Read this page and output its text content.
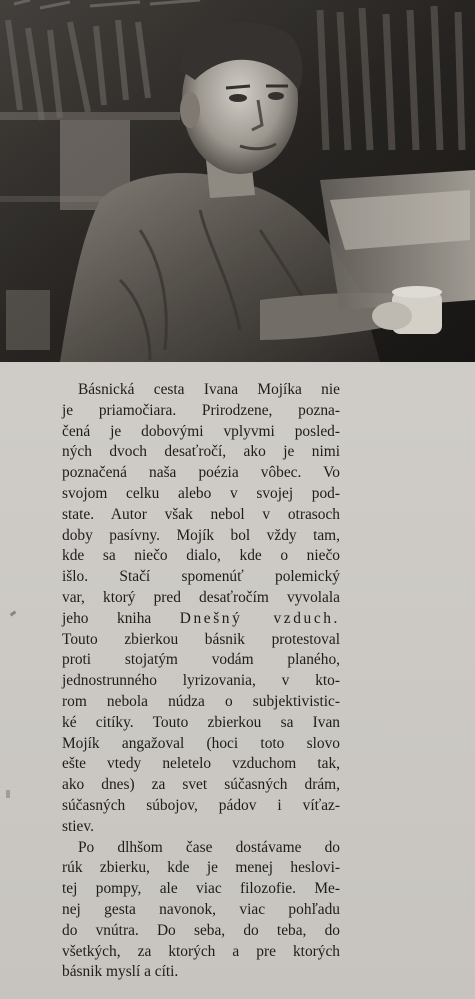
Básnická cesta Ivana Mojíka nie
je priamočiara. Prirodzene, pozna-
čená je dobovými vplyvmi posled-
ných dvoch desaťročí, ako je nimi
poznačená naša poézia vôbec. Vo
svojom celku alebo v svojej pod-
state. Autor však nebol v otrasoch
doby pasívny. Mojík bol vždy tam,
kde sa niečo dialo, kde o niečo
išlo. Stačí spomenúť polemický
var, ktorý pred desaťročím vyvolala
jeho kniha Dnešný vzduch.
Touto zbierkou básnik protestoval
proti stojatým vodám planého,
jednostrunného lyrizovania, v kto-
rom nebola núdza o subjektivistic-
ké citíky. Touto zbierkou sa Ivan
Mojík angažoval (hoci toto slovo
ešte vtedy neletelo vzduchom tak,
ako dnes) za svet súčasných drám,
súčasných súbojov, pádov i víťaz-
stiev.
Po dlhšom čase dostávame do
rúk zbierku, kde je menej heslovi-
tej pompy, ale viac filozofie. Me-
nej gesta navonok, viac pohľadu
do vnútra. Do seba, do teba, do
všetkých, za ktorých a pre ktorých
básnik myslí a cíti.
